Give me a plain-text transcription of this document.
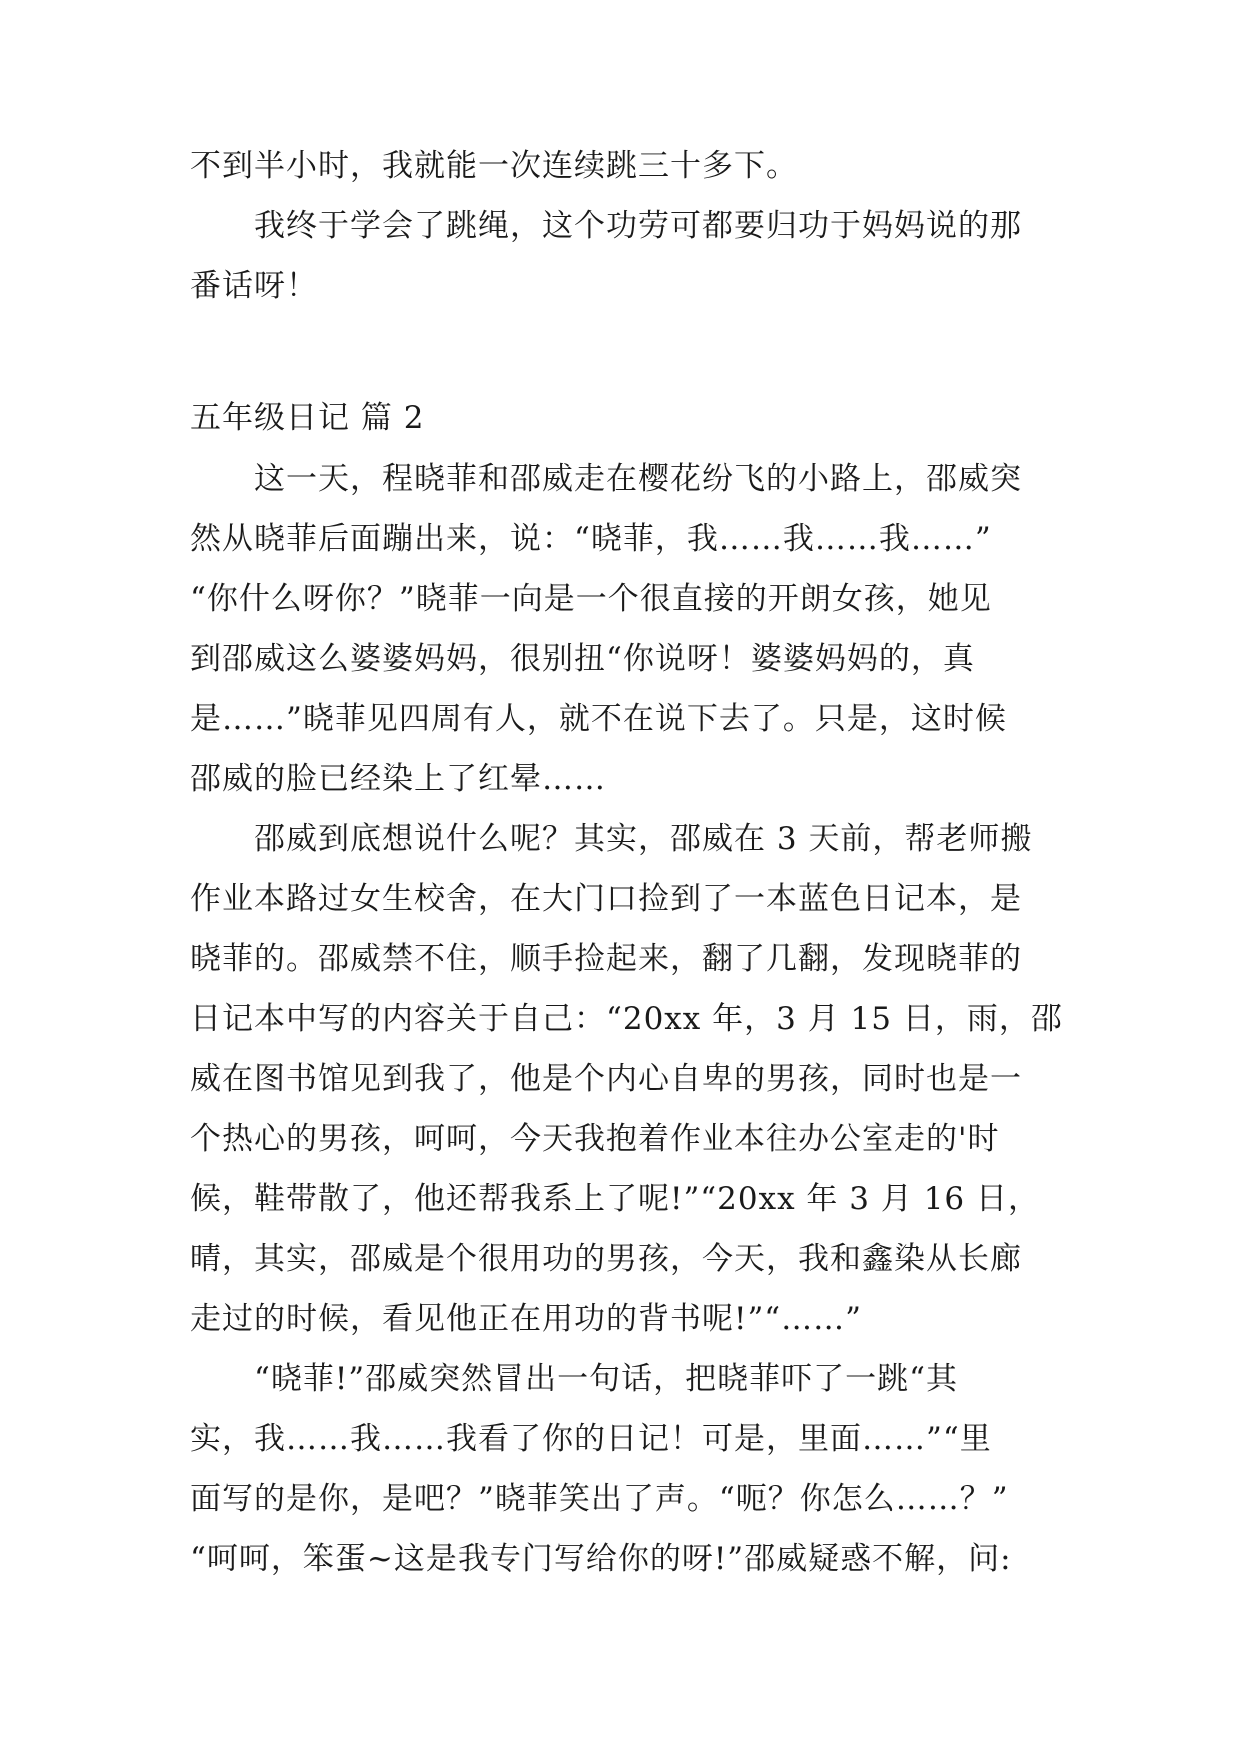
不到半小时，我就能一次连续跳三十多下。
我终于学会了跳绳，这个功劳可都要归功于妈妈说的那
番话呀！
五年级日记 篇 2
这一天，程晓菲和邵威走在樱花纷飞的小路上，邵威突
然从晓菲后面蹦出来，说：“晓菲，我……我……我……”
“你什么呀你？”晓菲一向是一个很直接的开朗女孩，她见
到邵威这么婆婆妈妈，很别扭“你说呀！婆婆妈妈的，真
是……”晓菲见四周有人，就不在说下去了。只是，这时候
邵威的脸已经染上了红晕……
邵威到底想说什么呢？其实，邵威在 3 天前，帮老师搬
作业本路过女生校舍，在大门口捡到了一本蓝色日记本，是
晓菲的。邵威禁不住，顺手捡起来，翻了几翻，发现晓菲的
日记本中写的内容关于自己：“20xx 年，3 月 15 日，雨，邵
威在图书馆见到我了，他是个内心自卑的男孩，同时也是一
个热心的男孩，呵呵，今天我抱着作业本往办公室走的'时
候，鞋带散了，他还帮我系上了呢!”“20xx 年 3 月 16 日，
晴，其实，邵威是个很用功的男孩，今天，我和鑫染从长廊
走过的时候，看见他正在用功的背书呢!”“……”
“晓菲!”邵威突然冒出一句话，把晓菲吓了一跳“其
实，我……我……我看了你的日记！可是，里面……”“里
面写的是你，是吧？”晓菲笑出了声。“呃？你怎么……？”
“呵呵，笨蛋~这是我专门写给你的呀!”邵威疑惑不解，问:
